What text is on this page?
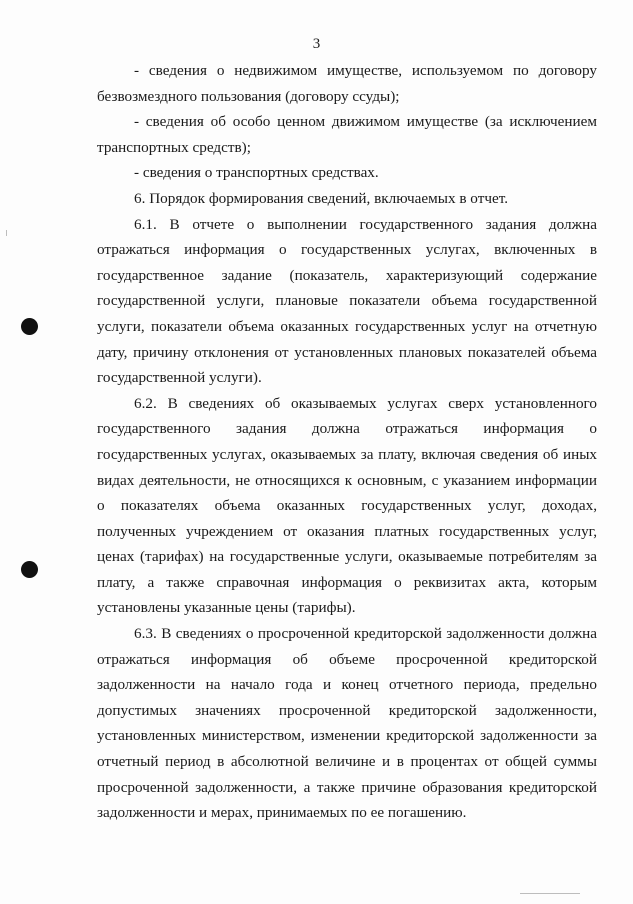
3

- сведения о недвижимом имуществе, используемом по договору безвозмездного пользования (договору ссуды);

- сведения об особо ценном движимом имуществе (за исключением транспортных средств);

- сведения о транспортных средствах.

6. Порядок формирования сведений, включаемых в отчет.

6.1. В отчете о выполнении государственного задания должна отражаться информация о государственных услугах, включенных в государственное задание (показатель, характеризующий содержание государственной услуги, плановые показатели объема государственной услуги, показатели объема оказанных государственных услуг на отчетную дату, причину отклонения от установленных плановых показателей объема государственной услуги).

6.2. В сведениях об оказываемых услугах сверх установленного государственного задания должна отражаться информация о государственных услугах, оказываемых за плату, включая сведения об иных видах деятельности, не относящихся к основным, с указанием информации о показателях объема оказанных государственных услуг, доходах, полученных учреждением от оказания платных государственных услуг, ценах (тарифах) на государственные услуги, оказываемые потребителям за плату, а также справочная информация о реквизитах акта, которым установлены указанные цены (тарифы).

6.3. В сведениях о просроченной кредиторской задолженности должна отражаться информация об объеме просроченной кредиторской задолженности на начало года и конец отчетного периода, предельно допустимых значениях просроченной кредиторской задолженности, установленных министерством, изменении кредиторской задолженности за отчетный период в абсолютной величине и в процентах от общей суммы просроченной задолженности, а также причине образования кредиторской задолженности и мерах, принимаемых по ее погашению.
